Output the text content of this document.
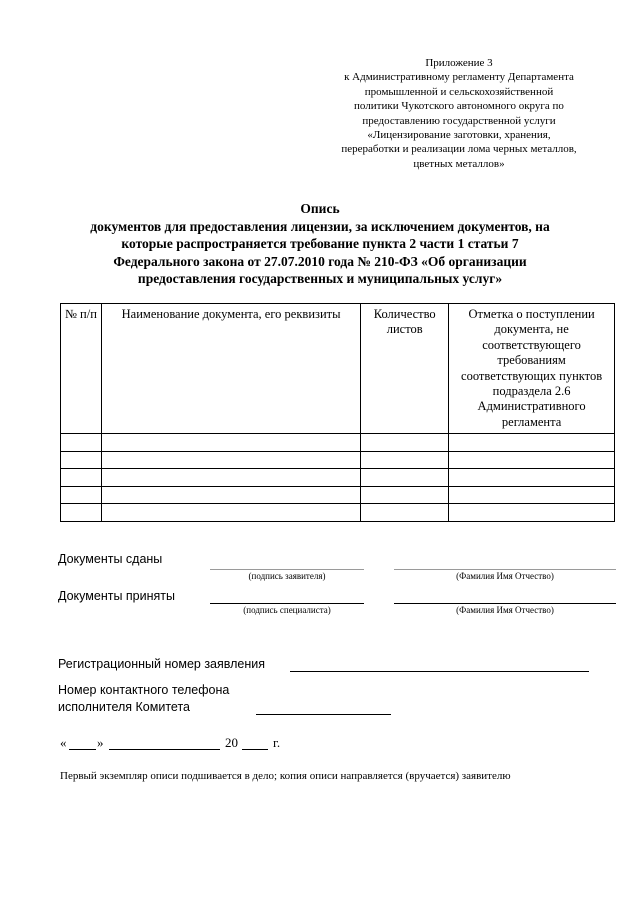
Приложение 3
к Административному регламенту Департамента
промышленной и сельскохозяйственной
политики Чукотского автономного округа по
предоставлению государственной услуги
«Лицензирование заготовки, хранения,
переработки и реализации лома черных металлов,
цветных металлов»
Опись
документов для предоставления лицензии, за исключением документов, на
которые распространяется требование пункта 2 части 1 статьи 7
Федерального закона от 27.07.2010 года № 210-ФЗ «Об организации
предоставления государственных и муниципальных услуг»
№ п/п	Наименование документа, его реквизиты	Количество листов	Отметка о поступлении документа, не соответствующего требованиям соответствующих пунктов подраздела 2.6 Административного регламента

Документы сданы
(подпись заявителя)	(Фамилия Имя Отчество)
Документы приняты
(подпись специалиста)	(Фамилия Имя Отчество)
Регистрационный номер заявления
Номер контактного телефона
исполнителя Комитета
« »	20	г.
Первый экземпляр описи подшивается в дело; копия описи направляется (вручается) заявителю
